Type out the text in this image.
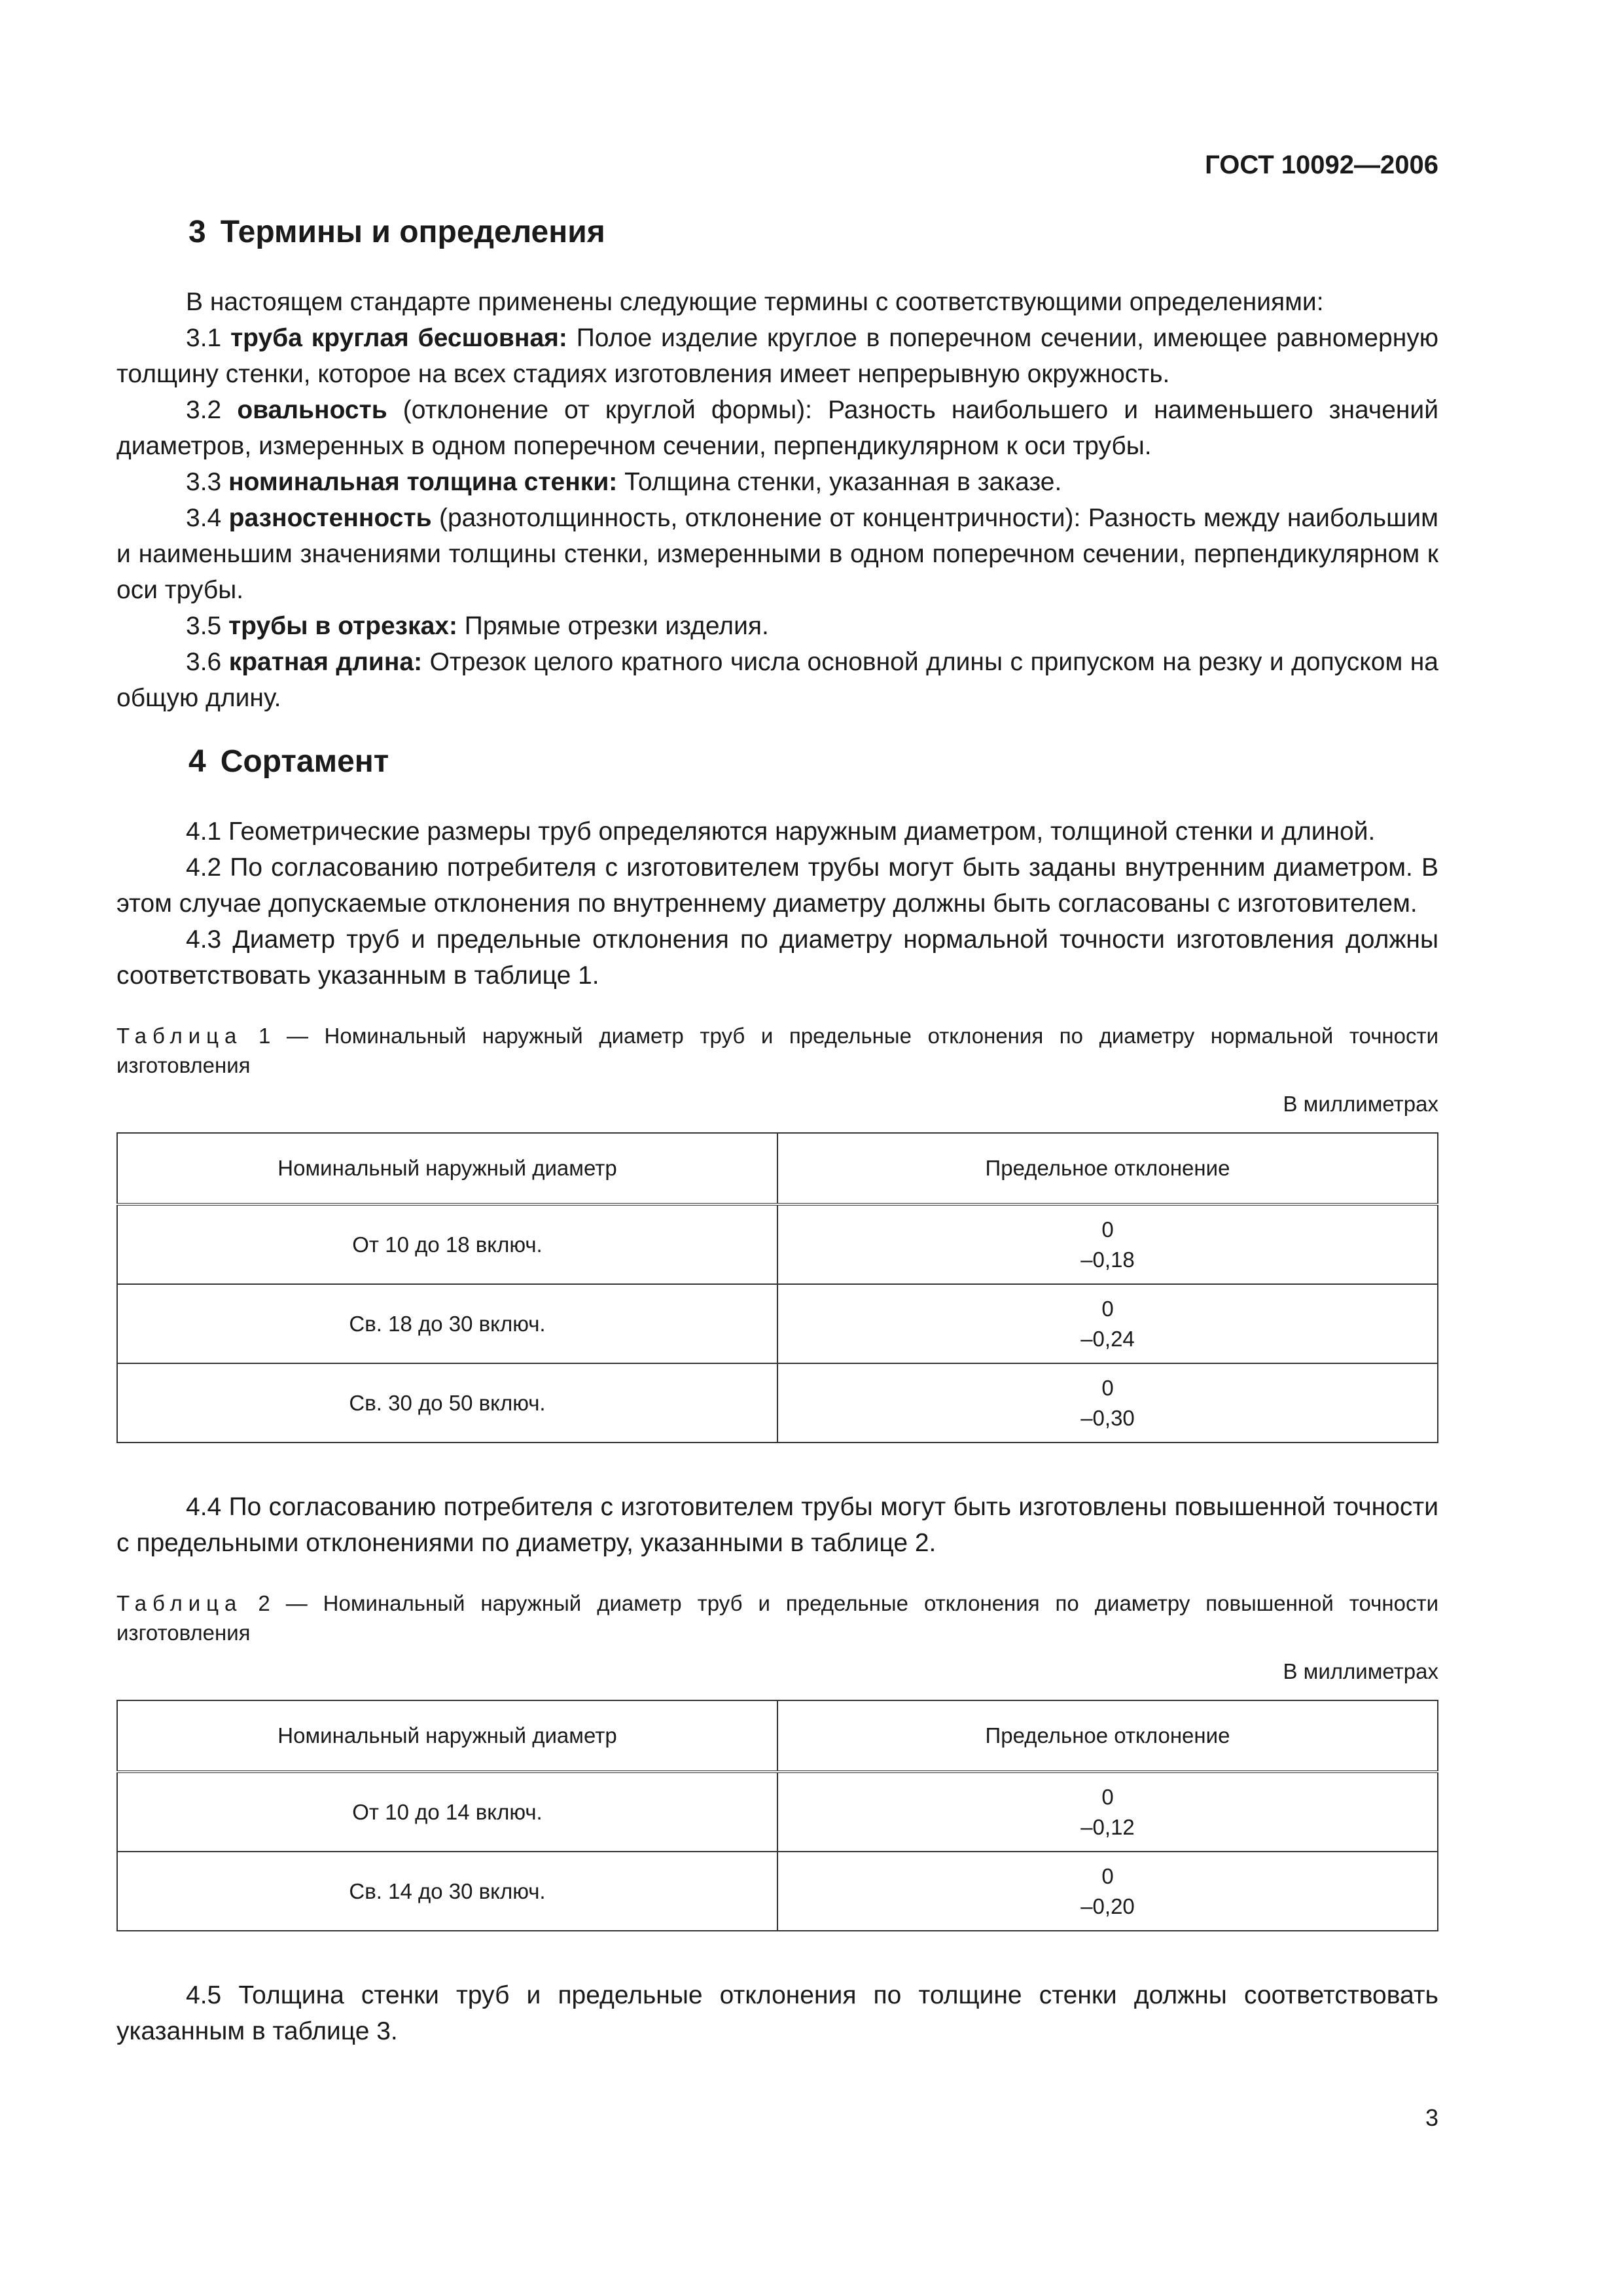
ГОСТ 10092—2006
3 Термины и определения

В настоящем стандарте применены следующие термины с соответствующими определениями:

3.1 труба круглая бесшовная: Полое изделие круглое в поперечном сечении, имеющее равномерную толщину стенки, которое на всех стадиях изготовления имеет непрерывную окружность.

3.2 овальность (отклонение от круглой формы): Разность наибольшего и наименьшего значений диаметров, измеренных в одном поперечном сечении, перпендикулярном к оси трубы.

3.3 номинальная толщина стенки: Толщина стенки, указанная в заказе.

3.4 разностенность (разнотолщинность, отклонение от концентричности): Разность между наибольшим и наименьшим значениями толщины стенки, измеренными в одном поперечном сечении, перпендикулярном к оси трубы.

3.5 трубы в отрезках: Прямые отрезки изделия.

3.6 кратная длина: Отрезок целого кратного числа основной длины с припуском на резку и допуском на общую длину.

4 Сортамент

4.1 Геометрические размеры труб определяются наружным диаметром, толщиной стенки и длиной.

4.2 По согласованию потребителя с изготовителем трубы могут быть заданы внутренним диаметром. В этом случае допускаемые отклонения по внутреннему диаметру должны быть согласованы с изготовителем.

4.3 Диаметр труб и предельные отклонения по диаметру нормальной точности изготовления должны соответствовать указанным в таблице 1.

Таблица 1 — Номинальный наружный диаметр труб и предельные отклонения по диаметру нормальной точности изготовления

В миллиметрах
Номинальный наружный диаметр	Предельное отклонение
От 10 до 18 включ.	0
–0,18

Св. 18 до 30 включ.	0
–0,24

Св. 30 до 50 включ.	0
–0,30

4.4 По согласованию потребителя с изготовителем трубы могут быть изготовлены повышенной точности с предельными отклонениями по диаметру, указанными в таблице 2.

Таблица 2 — Номинальный наружный диаметр труб и предельные отклонения по диаметру повышенной точности изготовления

В миллиметрах
Номинальный наружный диаметр	Предельное отклонение
От 10 до 14 включ.	0
–0,12

Св. 14 до 30 включ.	0
–0,20

4.5 Толщина стенки труб и предельные отклонения по толщине стенки должны соответствовать указанным в таблице 3.

3
